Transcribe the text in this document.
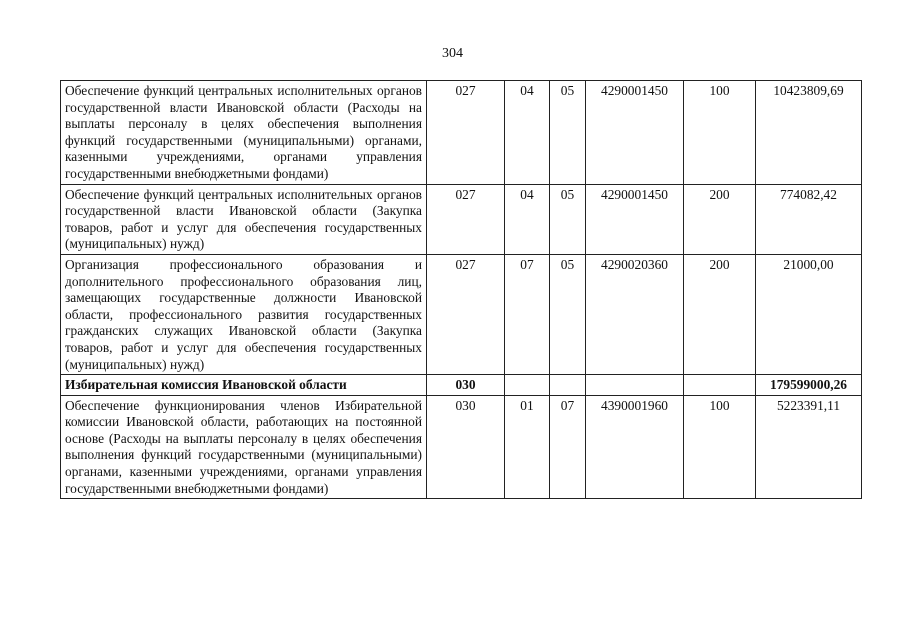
304
Обеспечение функций центральных исполнительных органов государственной власти Ивановской области (Расходы на выплаты персоналу в целях обеспечения выполнения функций государственными (муниципальными) органами, казенными учреждениями, органами управления государственными внебюджетными фондами)	027	04	05	4290001450	100	10423809,69
Обеспечение функций центральных исполнительных органов государственной власти Ивановской области (Закупка товаров, работ и услуг для обеспечения государственных (муниципальных) нужд)	027	04	05	4290001450	200	774082,42
Организация профессионального образования и дополнительного профессионального образования лиц, замещающих государственные должности Ивановской области, профессионального развития государственных гражданских служащих Ивановской области (Закупка товаров, работ и услуг для обеспечения государственных (муниципальных) нужд)	027	07	05	4290020360	200	21000,00
Избирательная комиссия Ивановской области	030					179599000,26
Обеспечение функционирования членов Избирательной комиссии Ивановской области, работающих на постоянной основе (Расходы на выплаты персоналу в целях обеспечения выполнения функций государственными (муниципальными) органами, казенными учреждениями, органами управления государственными внебюджетными фондами)	030	01	07	4390001960	100	5223391,11
